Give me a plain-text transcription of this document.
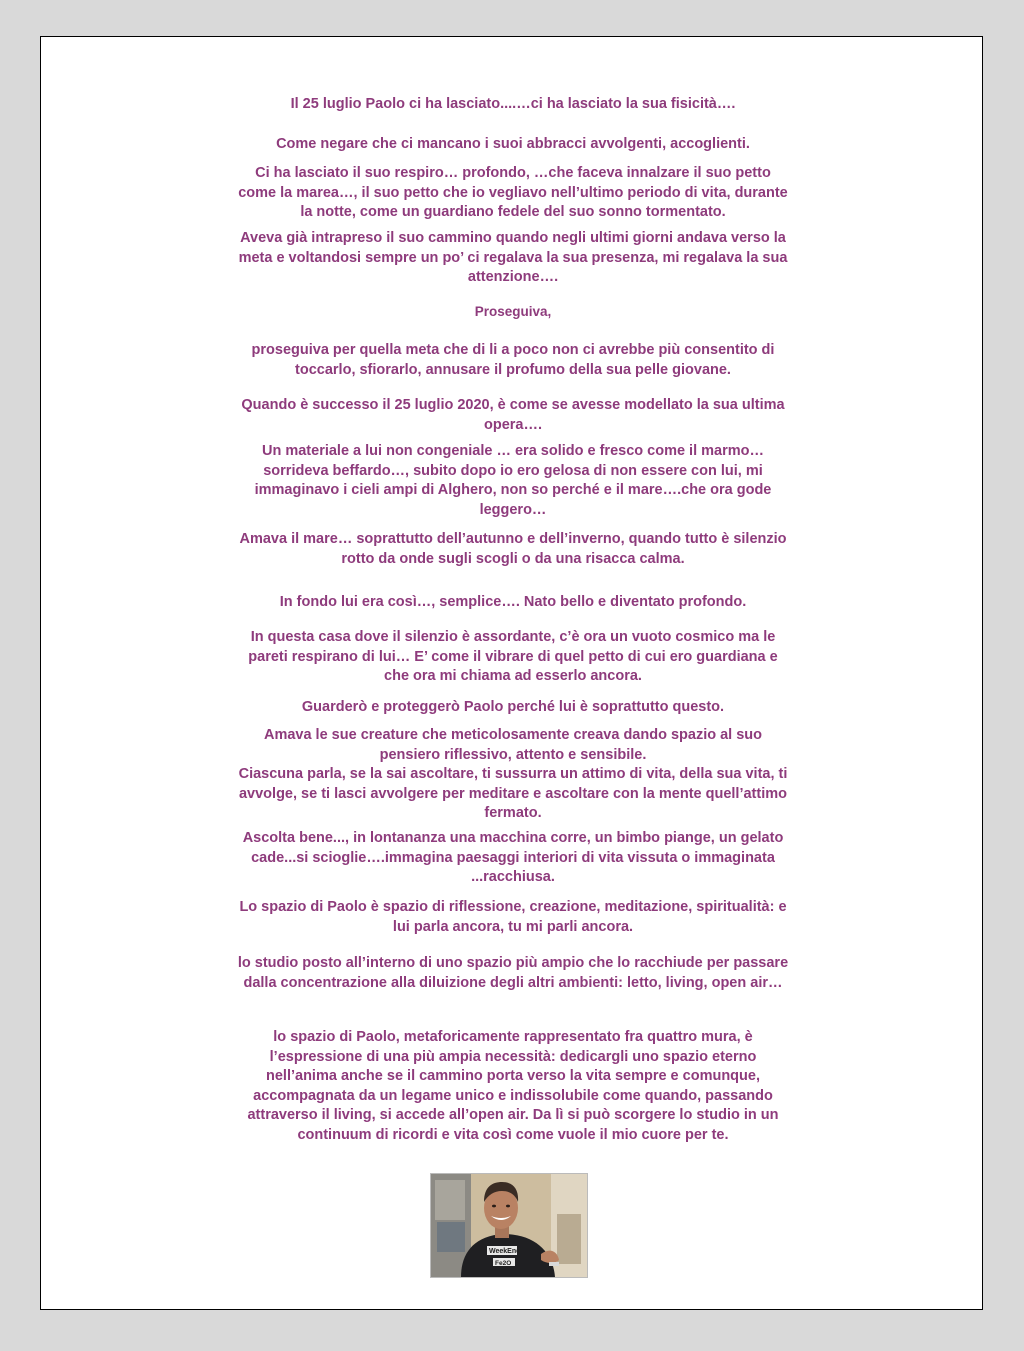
Il 25 luglio Paolo ci ha lasciato....…ci ha lasciato la sua fisicità….

Come negare che ci mancano i suoi abbracci avvolgenti, accoglienti.

Ci ha lasciato il suo respiro… profondo, …che faceva innalzare il suo petto
come la marea…, il suo petto che io vegliavo nell’ultimo periodo di vita, durante
la notte, come un guardiano fedele del suo sonno tormentato.

Aveva già intrapreso il suo cammino quando negli ultimi giorni andava verso la
meta e voltandosi sempre un po’ ci regalava la sua presenza, mi regalava la sua
attenzione….

Proseguiva,

proseguiva per quella meta che di li a poco non ci avrebbe più consentito di
toccarlo, sfiorarlo, annusare il profumo della sua pelle giovane.

Quando è successo il 25 luglio 2020, è come se avesse modellato la sua ultima
opera….

Un materiale a lui non congeniale … era solido e fresco come il marmo…
sorrideva beffardo…, subito dopo io ero gelosa di non essere con lui, mi
immaginavo i cieli ampi di Alghero, non so perché e il mare….che ora gode
leggero…

Amava il mare… soprattutto dell’autunno e dell’inverno, quando tutto è silenzio
rotto da onde sugli scogli o da una risacca calma.

In fondo lui era così…, semplice…. Nato bello e diventato profondo.

In questa casa dove il silenzio è assordante, c’è ora un vuoto cosmico ma le
pareti respirano di lui… E’ come il vibrare di quel petto di cui ero guardiana e
che ora mi chiama ad esserlo ancora.

Guarderò e proteggerò Paolo perché lui è soprattutto questo.

Amava le sue creature che meticolosamente creava dando spazio al suo
pensiero riflessivo, attento e sensibile.
Ciascuna parla, se la sai ascoltare, ti sussurra un attimo di vita, della sua vita, ti
avvolge, se ti lasci avvolgere per meditare e ascoltare con la mente quell’attimo
fermato.

Ascolta bene..., in lontananza una macchina corre, un bimbo piange, un gelato
cade...si scioglie….immagina paesaggi interiori di vita vissuta o immaginata
...racchiusa.

Lo spazio di Paolo è spazio di riflessione, creazione, meditazione, spiritualità: e
lui parla ancora, tu mi parli ancora.

lo studio posto all’interno di uno spazio più ampio che lo racchiude per passare
dalla concentrazione alla diluizione degli altri ambienti: letto, living, open air…

lo spazio di Paolo, metaforicamente rappresentato fra quattro mura, è
l’espressione di una più ampia necessità: dedicargli uno spazio eterno
nell’anima anche se il cammino porta verso la vita sempre e comunque,
accompagnata da un legame unico e indissolubile come quando, passando
attraverso il living, si accede all’open air. Da lì si può scorgere lo studio in un
continuum di ricordi e vita così come vuole il mio cuore per te.

WeekEnd
Fe2O
